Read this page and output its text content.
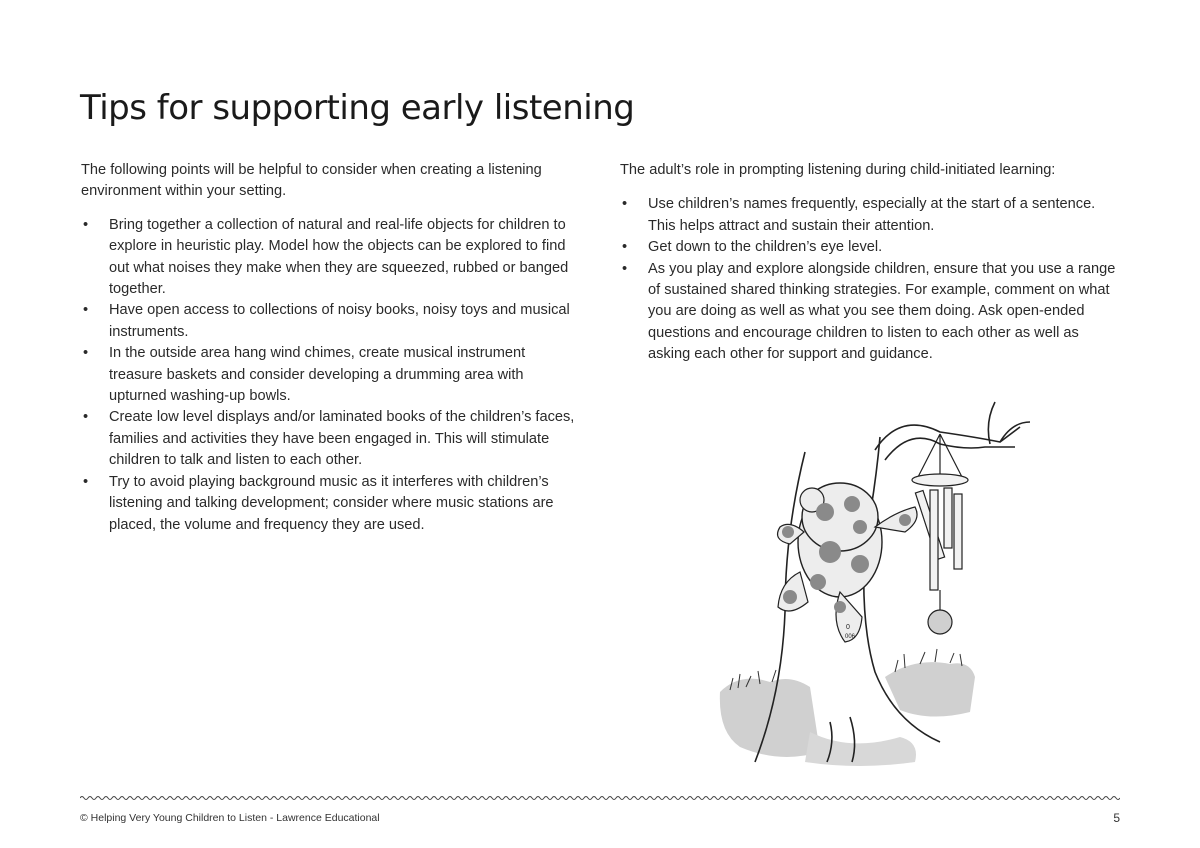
Tips for supporting early listening

The following points will be helpful to consider when creating a listening environment within your setting.

• Bring together a collection of natural and real-life objects for children to explore in heuristic play. Model how the objects can be explored to find out what noises they make when they are squeezed, rubbed or banged together.
• Have open access to collections of noisy books, noisy toys and musical instruments.
• In the outside area hang wind chimes, create musical instrument treasure baskets and consider developing a drumming area with upturned washing-up bowls.
• Create low level displays and/or laminated books of the children’s faces, families and activities they have been engaged in. This will stimulate children to talk and listen to each other.
• Try to avoid playing background music as it interferes with children’s listening and talking development; consider where music stations are placed, the volume and frequency they are used.

The adult’s role in prompting listening during child-initiated learning:

• Use children’s names frequently, especially at the start of a sentence. This helps attract and sustain their attention.
• Get down to the children’s eye level.
• As you play and explore alongside children, ensure that you use a range of sustained shared thinking strategies. For example, comment on what you are doing as well as what you see them doing. Ask open-ended questions and encourage children to listen to each other as well as asking each other for support and guidance.
0
006
© Helping Very Young Children to Listen - Lawrence Educational	5
